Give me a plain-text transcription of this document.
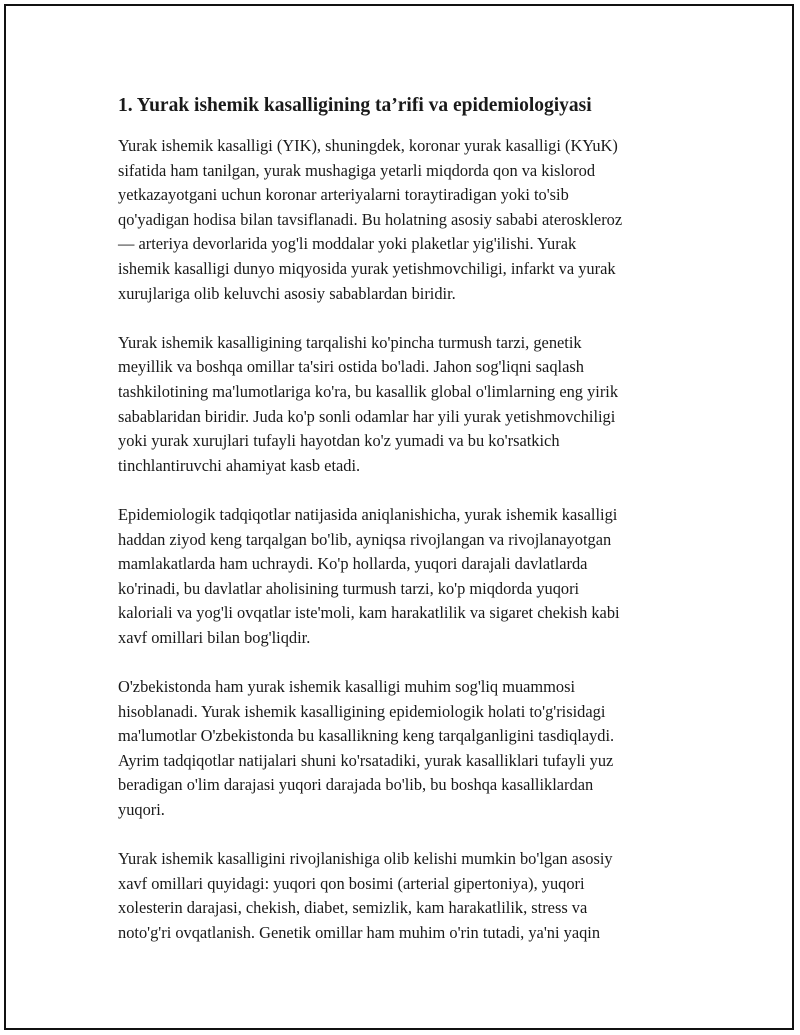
1. Yurak ishemik kasalligining ta’rifi va epidemiologiyasi

Yurak ishemik kasalligi (YIK), shuningdek, koronar yurak kasalligi (KYuK)
sifatida ham tanilgan, yurak mushagiga yetarli miqdorda qon va kislorod
yetkazayotgani uchun koronar arteriyalarni toraytiradigan yoki to'sib
qo'yadigan hodisa bilan tavsiflanadi. Bu holatning asosiy sababi ateroskleroz
— arteriya devorlarida yog'li moddalar yoki plaketlar yig'ilishi. Yurak
ishemik kasalligi dunyo miqyosida yurak yetishmovchiligi, infarkt va yurak
xurujlariga olib keluvchi asosiy sabablardan biridir.

Yurak ishemik kasalligining tarqalishi ko'pincha turmush tarzi, genetik
meyillik va boshqa omillar ta'siri ostida bo'ladi. Jahon sog'liqni saqlash
tashkilotining ma'lumotlariga ko'ra, bu kasallik global o'limlarning eng yirik
sabablaridan biridir. Juda ko'p sonli odamlar har yili yurak yetishmovchiligi
yoki yurak xurujlari tufayli hayotdan ko'z yumadi va bu ko'rsatkich
tinchlantiruvchi ahamiyat kasb etadi.

Epidemiologik tadqiqotlar natijasida aniqlanishicha, yurak ishemik kasalligi
haddan ziyod keng tarqalgan bo'lib, ayniqsa rivojlangan va rivojlanayotgan
mamlakatlarda ham uchraydi. Ko'p hollarda, yuqori darajali davlatlarda
ko'rinadi, bu davlatlar aholisining turmush tarzi, ko'p miqdorda yuqori
kaloriali va yog'li ovqatlar iste'moli, kam harakatlilik va sigaret chekish kabi
xavf omillari bilan bog'liqdir.

O'zbekistonda ham yurak ishemik kasalligi muhim sog'liq muammosi
hisoblanadi. Yurak ishemik kasalligining epidemiologik holati to'g'risidagi
ma'lumotlar O'zbekistonda bu kasallikning keng tarqalganligini tasdiqlaydi.
Ayrim tadqiqotlar natijalari shuni ko'rsatadiki, yurak kasalliklari tufayli yuz
beradigan o'lim darajasi yuqori darajada bo'lib, bu boshqa kasalliklardan
yuqori.

Yurak ishemik kasalligini rivojlanishiga olib kelishi mumkin bo'lgan asosiy
xavf omillari quyidagi: yuqori qon bosimi (arterial gipertoniya), yuqori
xolesterin darajasi, chekish, diabet, semizlik, kam harakatlilik, stress va
noto'g'ri ovqatlanish. Genetik omillar ham muhim o'rin tutadi, ya'ni yaqin
